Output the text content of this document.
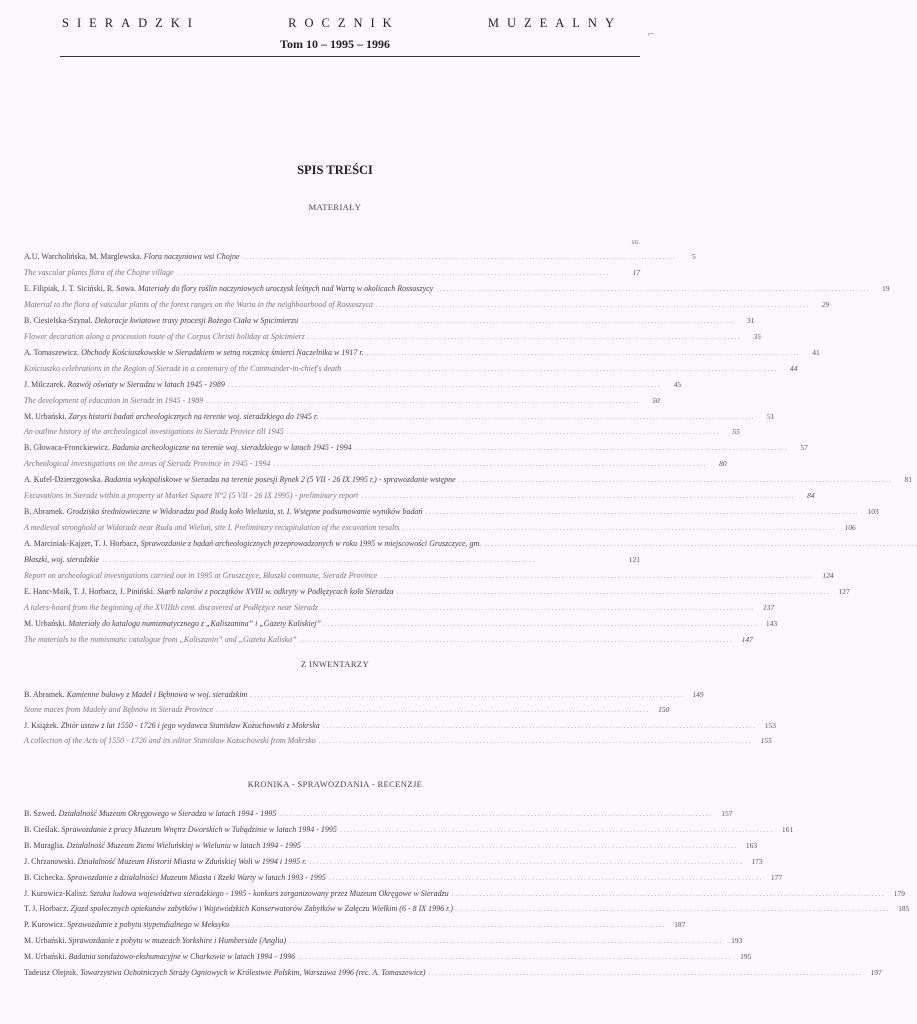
SIERADZKI	ROCZNIK	MUZEALNY
Tom 10 – 1995 – 1996
⌐
SPIS TREŚCI
str.
MATERIAŁY
A.U. Warcholińska, M. Marglewska. Flora naczyniowa wsi Chojne . . .	5
The vascular plants flora of the Chojne village . . .	17
E. Filipiak, J. T. Siciński, R. Sowa. Materiały do flory roślin naczyniowych uroczysk leśnych nad Wartą w okolicach Rossoszycy . . .	19
Material to the flora of vascular plants of the forest ranges on the Warta in the neighbourhood of Rossoszyca . . .	29
B. Ciesielska-Szynal. Dekoracje kwiatowe trasy procesji Bożego Ciała w Spicimierzu . . .	31
Flower decoration along a procession route of the Corpus Christi holiday at Spicimierz . . .	35
A. Tomaszewicz. Obchody Kościuszkowskie w Sieradzkiem w setną rocznicę śmierci Naczelnika w 1917 r. . . .	41
Kościuszko celebrations in the Region of Sieradz in a centenary of the Commander-in-chief's death . . .	44
J. Milczarek. Rozwój oświaty w Sieradzu w latach 1945 - 1989 . . .	45
The development of education in Sieradz in 1945 - 1989 . . .	50
M. Urbański. Zarys historii badań archeologicznych na terenie woj. sieradzkiego do 1945 r. . . .	51
An outline history of the archeological investigations in Sieradz Provice till 1945 . . .	55
B. Głowaca-Fronckiewicz. Badania archeologiczne na terenie woj. sieradzkiego w latach 1945 - 1994 . . .	57
Archeological investigations on the areas of Sieradz Province in 1945 - 1994 . . .	80
A. Kufel-Dzierzgowska. Badania wykopaliskowe w Sieradzu na terenie posesji Rynek 2 (5 VII - 26 IX 1995 r.) - sprawozdanie wstępne . . .	81
Excavations in Sieradz within a property at Market Square N°2 (5 VII - 26 IX 1995) - preliminary report . . .	84
B. Abramek. Grodzisko średniowieczne w Widoradzu pod Rudą koło Wielunia, st. I. Wstępne podsumowanie wyników badań . . .	103
A medieval stronghold at Widoradz near Ruda and Wieluń, site I. Preliminary recapitulation of the excavation results . . .	106
A. Marciniak-Kajzer, T. J. Horbacz, Sprawozdanie z badań archeologicznych przeprowadzonych w roku 1995 w miejscowości Gruszczyce, gm.
. . .
Błaszki, woj. sieradzkie . . .	121
Report on archeological investigations carried out in 1995 at Gruszczyce, Błaszki commune, Sieradz Province . . .	124
E. Hanc-Maik, T. J. Horbacz, J. Piniński. Skarb talarów z początków XVIII w. odkryty w Podłężycach koło Sieradza . . .	127
A talers-hoard from the beginning of the XVIIIth cent. discovered at Podłężyce near Sieradz . . .	137
M. Urbański. Materiały do katalogu numizmatycznego z „Kaliszanina” i „Gazety Kaliskiej” . . .	143
The materials to the numismatic catalogue from „Kaliszanin” and „Gazeta Kaliska” . . .	147
Z INWENTARZY
B. Abramek. Kamienne buławy z Madeł i Bębnowa w woj. sieradzkim . . .	149
Stone maces from Madeły and Bębnów in Sieradz Province . . .	150
J. Książek. Zbiór ustaw z lat 1550 - 1726 i jego wydawca Stanisław Kożuchowski z Mokrska . . .	153
A collection of the Acts of 1550 - 1726 and its editor Stanisław Kożuchowski from Mokrsko . . .	155
KRONIKA - SPRAWOZDANIA - RECENZJE
B. Szwed. Działalność Muzeum Okręgowego w Sieradzu w latach 1994 - 1995 . . .	157
B. Cieślak. Sprawozdanie z pracy Muzeum Wnętrz Dworskich w Tubądzinie w latach 1994 - 1995 . . .	161
B. Muraglia. Działalność Muzeum Ziemi Wieluńskiej w Wieluniu w latach 1994 - 1995 . . .	163
J. Chrzanowski. Działalność Muzeum Historii Miasta w Zduńskiej Woli w 1994 i 1995 r. . . .	173
B. Cichecka. Sprawozdanie z działalności Muzeum Miasta i Rzeki Warty w latach 1993 - 1995 . . .	177
J. Kurowicz-Kalisz. Sztuka ludowa województwa sieradzkiego - 1995 - konkurs zorganizowany przez Muzeum Okręgowe w Sieradzu . . .	179
T. J. Horbacz. Zjazd społecznych opiekunów zabytków i Wojewódzkich Konserwatorów Zabytków w Załęczu Wielkim (6 - 8 IX 1996 r.) . . .	185
P. Kurowicz. Sprawozdanie z pobytu stypendialnego w Meksyku . . .	187
M. Urbański. Sprawozdanie z pobytu w muzeach Yorkshire i Humberside (Anglia) . . .	193
M. Urbański. Badania sondażowo-ekshumacyjne w Charkowie w latach 1994 - 1996 . . .	195
Tadeusz Olejnik. Towarzystwa Ochotniczych Straży Ogniowych w Królestwie Polskim, Warszawa 1996 (rec. A. Tomaszewicz) . . .	197
